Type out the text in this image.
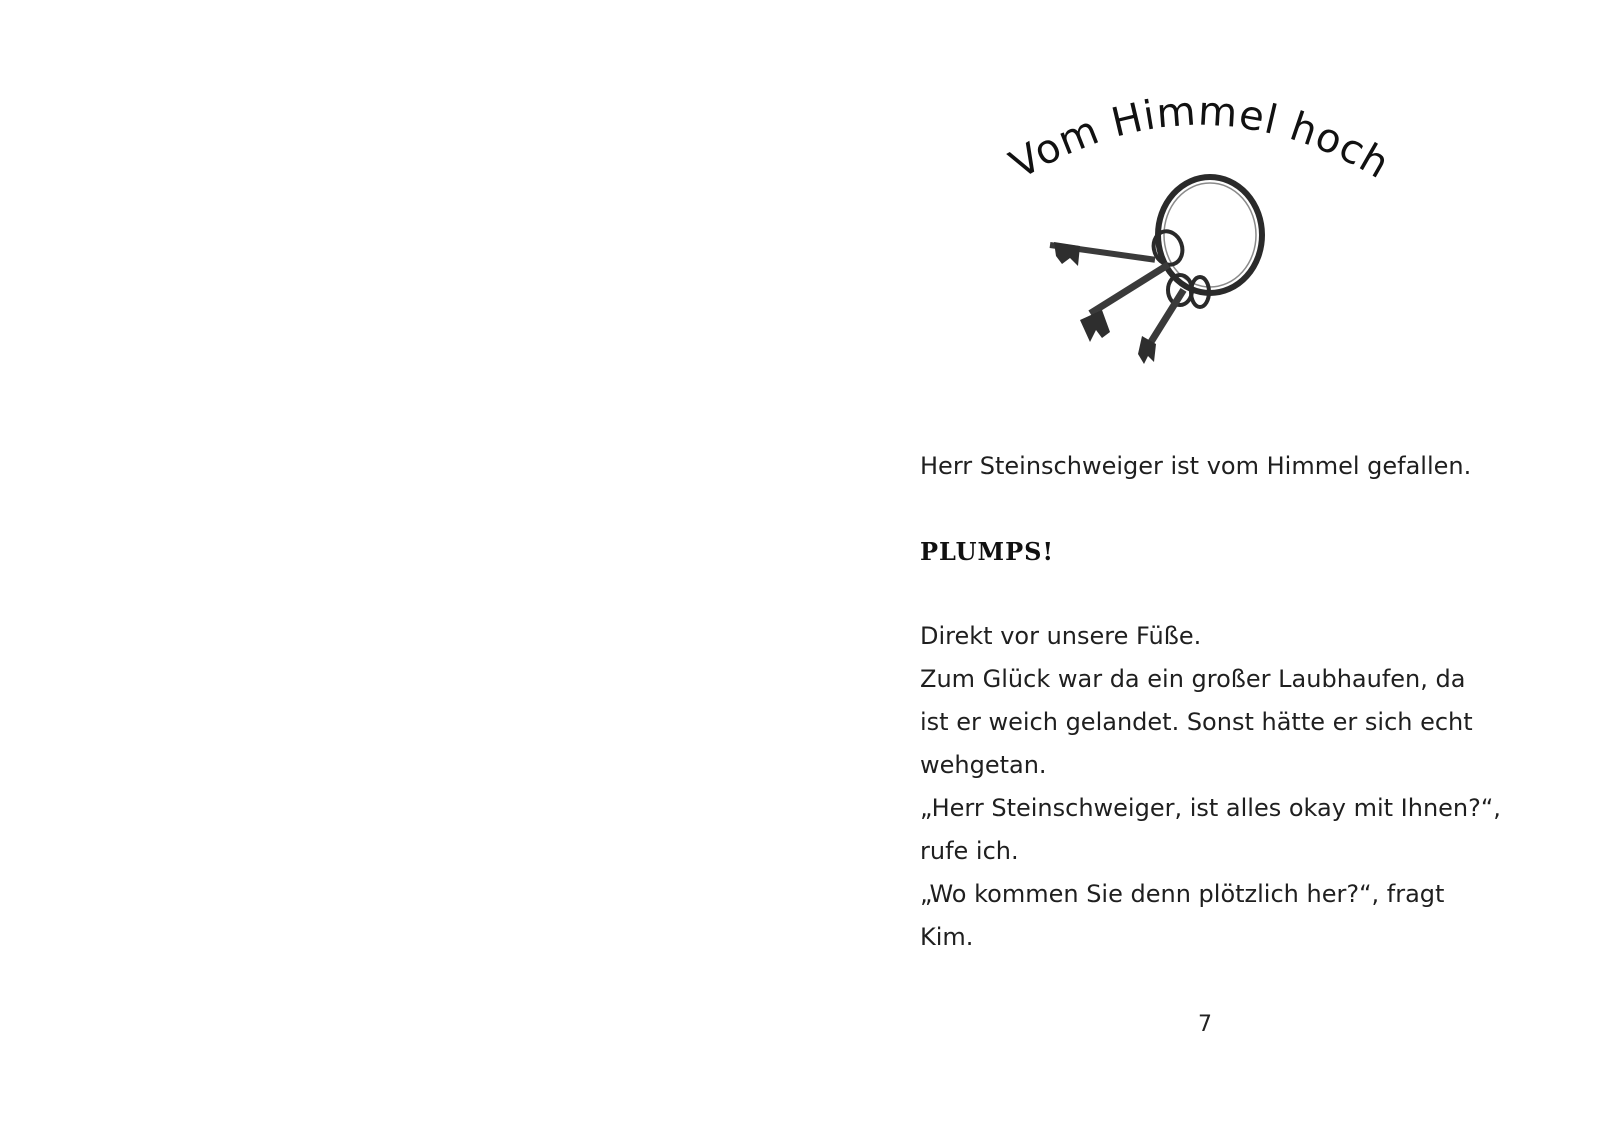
Vom Himmel hoch

Herr Steinschweiger ist vom Himmel gefallen.

PLUMPS!

Direkt vor unsere Füße.
Zum Glück war da ein großer Laubhaufen, da
ist er weich gelandet. Sonst hätte er sich echt
wehgetan.
„Herr Steinschweiger, ist alles okay mit Ihnen?“,
rufe ich.
„Wo kommen Sie denn plötzlich her?“, fragt
Kim.
7
